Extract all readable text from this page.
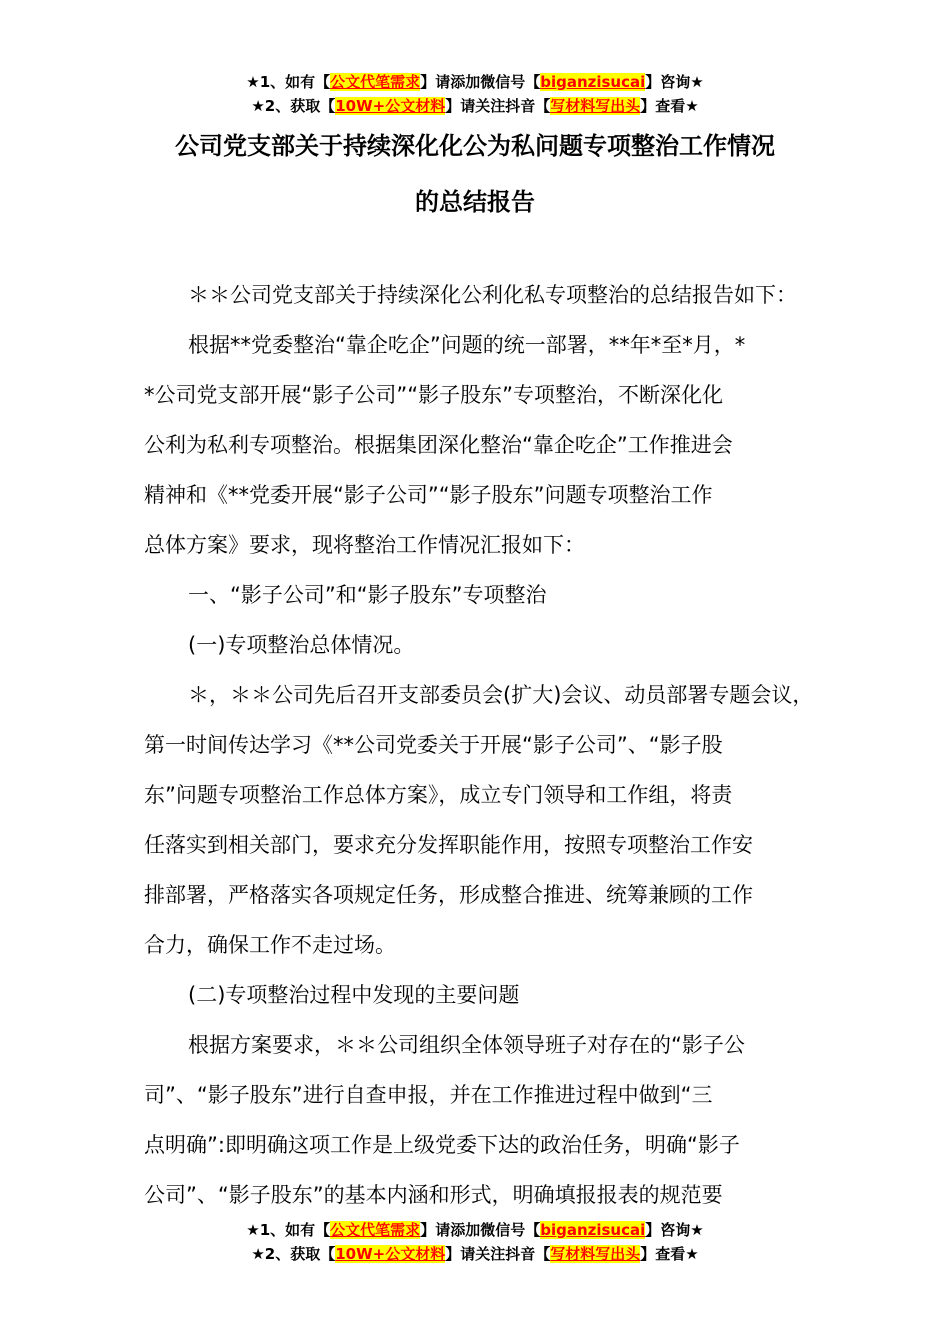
★1、如有【公文代笔需求】请添加微信号【biganzisucai】咨询★
★2、获取【10W+公文材料】请关注抖音【写材料写出头】查看★
公司党支部关于持续深化化公为私问题专项整治工作情况
的总结报告
＊＊公司党支部关于持续深化公利化私专项整治的总结报告如下：
根据**党委整治“靠企吃企”问题的统一部署，**年*至*月，*
*公司党支部开展“影子公司”“影子股东”专项整治，不断深化化
公利为私利专项整治。根据集团深化整治“靠企吃企”工作推进会
精神和《**党委开展“影子公司”“影子股东”问题专项整治工作
总体方案》要求，现将整治工作情况汇报如下：
一、“影子公司”和“影子股东”专项整治
(一)专项整治总体情况。
＊，＊＊公司先后召开支部委员会(扩大)会议、动员部署专题会议，
第一时间传达学习《**公司党委关于开展“影子公司”、“影子股
东”问题专项整治工作总体方案》，成立专门领导和工作组，将责
任落实到相关部门，要求充分发挥职能作用，按照专项整治工作安
排部署，严格落实各项规定任务，形成整合推进、统筹兼顾的工作
合力，确保工作不走过场。
(二)专项整治过程中发现的主要问题
根据方案要求，＊＊公司组织全体领导班子对存在的“影子公
司”、“影子股东”进行自查申报，并在工作推进过程中做到“三
点明确”:即明确这项工作是上级党委下达的政治任务，明确“影子
公司”、“影子股东”的基本内涵和形式，明确填报报表的规范要
★1、如有【公文代笔需求】请添加微信号【biganzisucai】咨询★
★2、获取【10W+公文材料】请关注抖音【写材料写出头】查看★
